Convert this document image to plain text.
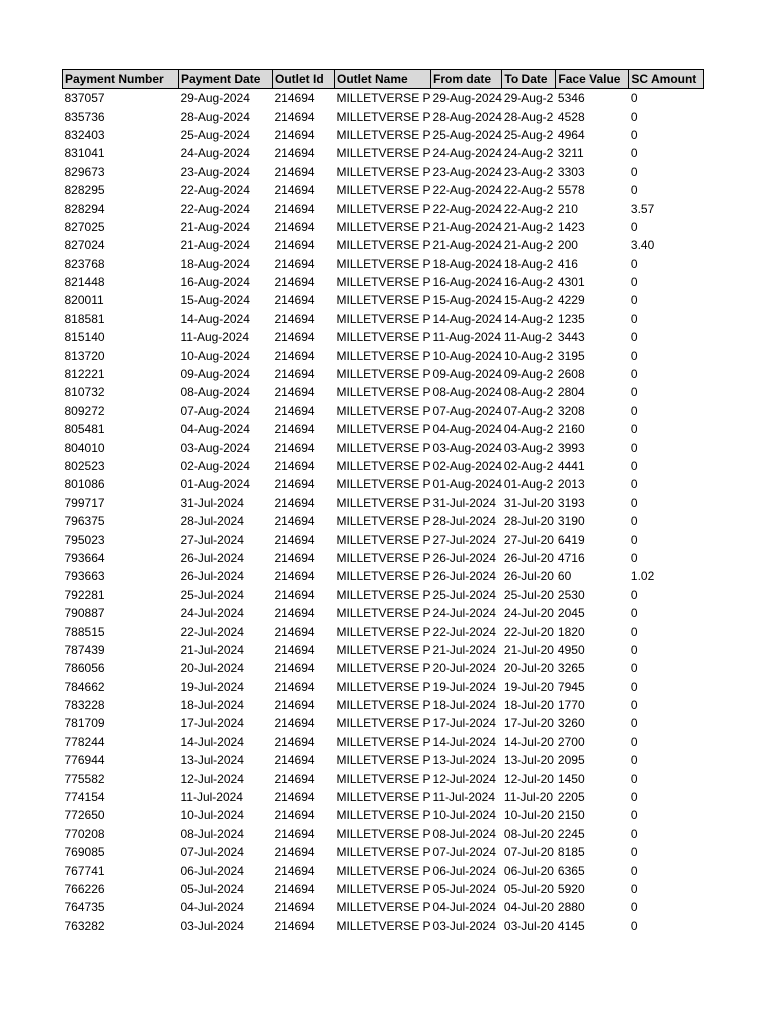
Payment Number	Payment Date	Outlet Id	Outlet Name	From date	To Date	Face Value	SC Amount
837057	29-Aug-2024	214694	MILLETVERSE P	29-Aug-2024	29-Aug-2	5346	0
835736	28-Aug-2024	214694	MILLETVERSE P	28-Aug-2024	28-Aug-2	4528	0
832403	25-Aug-2024	214694	MILLETVERSE P	25-Aug-2024	25-Aug-2	4964	0
831041	24-Aug-2024	214694	MILLETVERSE P	24-Aug-2024	24-Aug-2	3211	0
829673	23-Aug-2024	214694	MILLETVERSE P	23-Aug-2024	23-Aug-2	3303	0
828295	22-Aug-2024	214694	MILLETVERSE P	22-Aug-2024	22-Aug-2	5578	0
828294	22-Aug-2024	214694	MILLETVERSE P	22-Aug-2024	22-Aug-2	210	3.57
827025	21-Aug-2024	214694	MILLETVERSE P	21-Aug-2024	21-Aug-2	1423	0
827024	21-Aug-2024	214694	MILLETVERSE P	21-Aug-2024	21-Aug-2	200	3.40
823768	18-Aug-2024	214694	MILLETVERSE P	18-Aug-2024	18-Aug-2	416	0
821448	16-Aug-2024	214694	MILLETVERSE P	16-Aug-2024	16-Aug-2	4301	0
820011	15-Aug-2024	214694	MILLETVERSE P	15-Aug-2024	15-Aug-2	4229	0
818581	14-Aug-2024	214694	MILLETVERSE P	14-Aug-2024	14-Aug-2	1235	0
815140	11-Aug-2024	214694	MILLETVERSE P	11-Aug-2024	11-Aug-2	3443	0
813720	10-Aug-2024	214694	MILLETVERSE P	10-Aug-2024	10-Aug-2	3195	0
812221	09-Aug-2024	214694	MILLETVERSE P	09-Aug-2024	09-Aug-2	2608	0
810732	08-Aug-2024	214694	MILLETVERSE P	08-Aug-2024	08-Aug-2	2804	0
809272	07-Aug-2024	214694	MILLETVERSE P	07-Aug-2024	07-Aug-2	3208	0
805481	04-Aug-2024	214694	MILLETVERSE P	04-Aug-2024	04-Aug-2	2160	0
804010	03-Aug-2024	214694	MILLETVERSE P	03-Aug-2024	03-Aug-2	3993	0
802523	02-Aug-2024	214694	MILLETVERSE P	02-Aug-2024	02-Aug-2	4441	0
801086	01-Aug-2024	214694	MILLETVERSE P	01-Aug-2024	01-Aug-2	2013	0
799717	31-Jul-2024	214694	MILLETVERSE P	31-Jul-2024	31-Jul-20	3193	0
796375	28-Jul-2024	214694	MILLETVERSE P	28-Jul-2024	28-Jul-20	3190	0
795023	27-Jul-2024	214694	MILLETVERSE P	27-Jul-2024	27-Jul-20	6419	0
793664	26-Jul-2024	214694	MILLETVERSE P	26-Jul-2024	26-Jul-20	4716	0
793663	26-Jul-2024	214694	MILLETVERSE P	26-Jul-2024	26-Jul-20	60	1.02
792281	25-Jul-2024	214694	MILLETVERSE P	25-Jul-2024	25-Jul-20	2530	0
790887	24-Jul-2024	214694	MILLETVERSE P	24-Jul-2024	24-Jul-20	2045	0
788515	22-Jul-2024	214694	MILLETVERSE P	22-Jul-2024	22-Jul-20	1820	0
787439	21-Jul-2024	214694	MILLETVERSE P	21-Jul-2024	21-Jul-20	4950	0
786056	20-Jul-2024	214694	MILLETVERSE P	20-Jul-2024	20-Jul-20	3265	0
784662	19-Jul-2024	214694	MILLETVERSE P	19-Jul-2024	19-Jul-20	7945	0
783228	18-Jul-2024	214694	MILLETVERSE P	18-Jul-2024	18-Jul-20	1770	0
781709	17-Jul-2024	214694	MILLETVERSE P	17-Jul-2024	17-Jul-20	3260	0
778244	14-Jul-2024	214694	MILLETVERSE P	14-Jul-2024	14-Jul-20	2700	0
776944	13-Jul-2024	214694	MILLETVERSE P	13-Jul-2024	13-Jul-20	2095	0
775582	12-Jul-2024	214694	MILLETVERSE P	12-Jul-2024	12-Jul-20	1450	0
774154	11-Jul-2024	214694	MILLETVERSE P	11-Jul-2024	11-Jul-20	2205	0
772650	10-Jul-2024	214694	MILLETVERSE P	10-Jul-2024	10-Jul-20	2150	0
770208	08-Jul-2024	214694	MILLETVERSE P	08-Jul-2024	08-Jul-20	2245	0
769085	07-Jul-2024	214694	MILLETVERSE P	07-Jul-2024	07-Jul-20	8185	0
767741	06-Jul-2024	214694	MILLETVERSE P	06-Jul-2024	06-Jul-20	6365	0
766226	05-Jul-2024	214694	MILLETVERSE P	05-Jul-2024	05-Jul-20	5920	0
764735	04-Jul-2024	214694	MILLETVERSE P	04-Jul-2024	04-Jul-20	2880	0
763282	03-Jul-2024	214694	MILLETVERSE P	03-Jul-2024	03-Jul-20	4145	0
